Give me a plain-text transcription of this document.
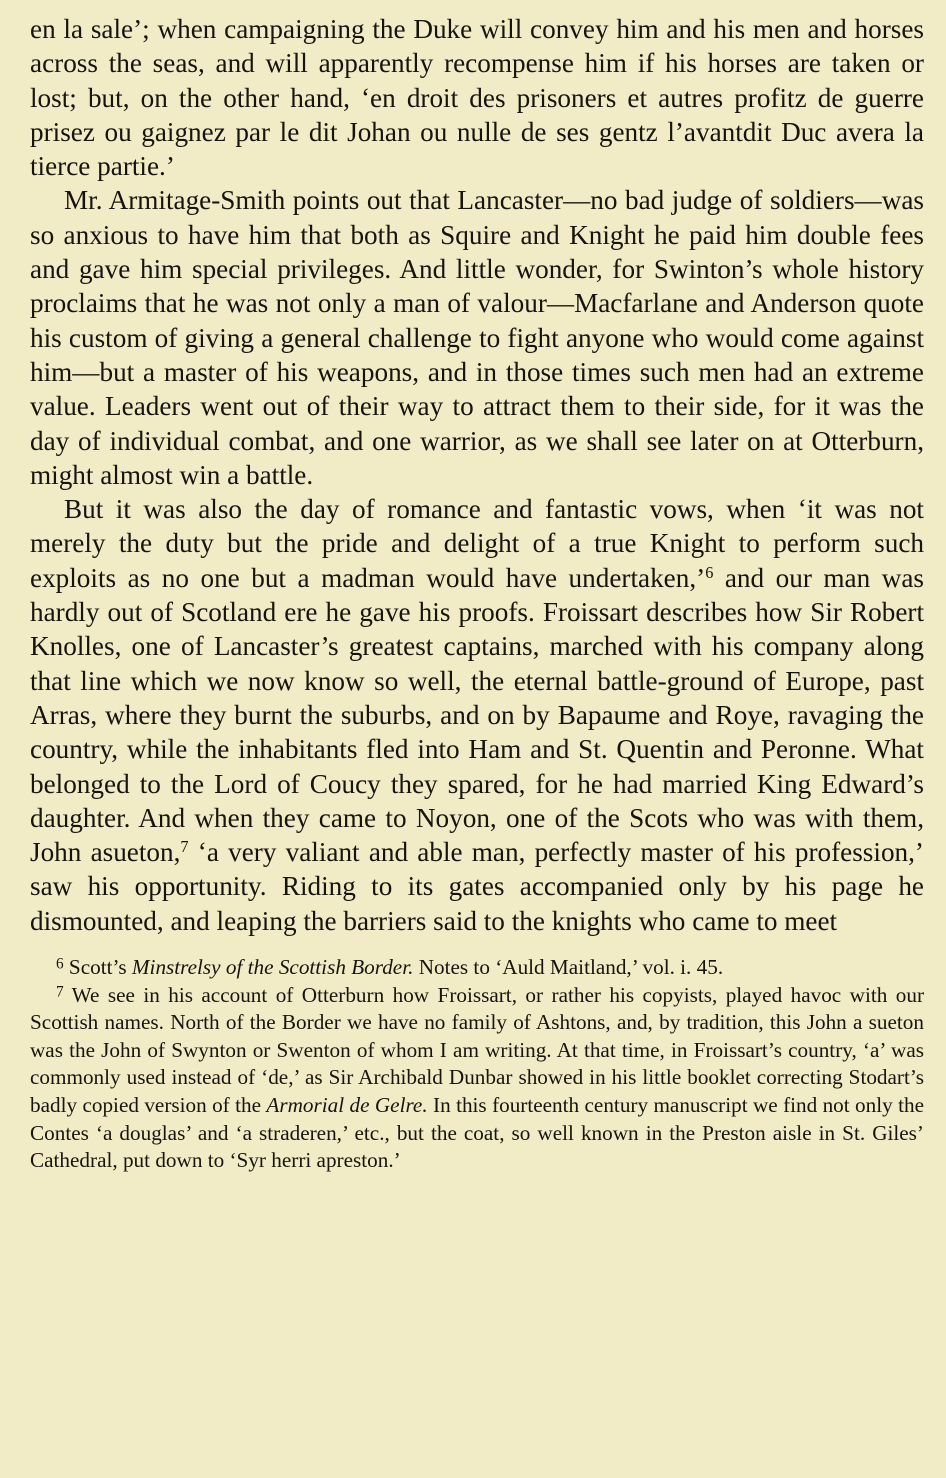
en la sale’; when campaigning the Duke will convey him and his men and horses across the seas, and will apparently recompense him if his horses are taken or lost; but, on the other hand, ‘en droit des prisoners et autres profitz de guerre prisez ou gaignez par le dit Johan ou nulle de ses gentz l’avantdit Duc avera la tierce partie.’

Mr. Armitage-Smith points out that Lancaster—no bad judge of soldiers—was so anxious to have him that both as Squire and Knight he paid him double fees and gave him special privileges. And little wonder, for Swinton’s whole history proclaims that he was not only a man of valour—Macfarlane and Anderson quote his custom of giving a general challenge to fight anyone who would come against him—but a master of his weapons, and in those times such men had an extreme value. Leaders went out of their way to attract them to their side, for it was the day of individual combat, and one warrior, as we shall see later on at Otterburn, might almost win a battle.

But it was also the day of romance and fantastic vows, when ‘it was not merely the duty but the pride and delight of a true Knight to perform such exploits as no one but a madman would have undertaken,’$^6$ and our man was hardly out of Scotland ere he gave his proofs. Froissart describes how Sir Robert Knolles, one of Lancaster’s greatest captains, marched with his company along that line which we now know so well, the eternal battle-ground of Europe, past Arras, where they burnt the suburbs, and on by Bapaume and Roye, ravaging the country, while the inhabitants fled into Ham and St. Quentin and Peronne. What belonged to the Lord of Coucy they spared, for he had married King Edward’s daughter. And when they came to Noyon, one of the Scots who was with them, John asueton,$^7$ ‘a very valiant and able man, perfectly master of his profession,’ saw his opportunity. Riding to its gates accompanied only by his page he dismounted, and leaping the barriers said to the knights who came to meet

$^6$ Scott’s Minstrelsy of the Scottish Border. Notes to ‘Auld Maitland,’ vol. i. 45.

$^7$ We see in his account of Otterburn how Froissart, or rather his copyists, played havoc with our Scottish names. North of the Border we have no family of Ashtons, and, by tradition, this John a sueton was the John of Swynton or Swenton of whom I am writing. At that time, in Froissart’s country, ‘a’ was commonly used instead of ‘de,’ as Sir Archibald Dunbar showed in his little booklet correcting Stodart’s badly copied version of the Armorial de Gelre. In this fourteenth century manuscript we find not only the Contes ‘a douglas’ and ‘a straderen,’ etc., but the coat, so well known in the Preston aisle in St. Giles’ Cathedral, put down to ‘Syr herri apreston.’
